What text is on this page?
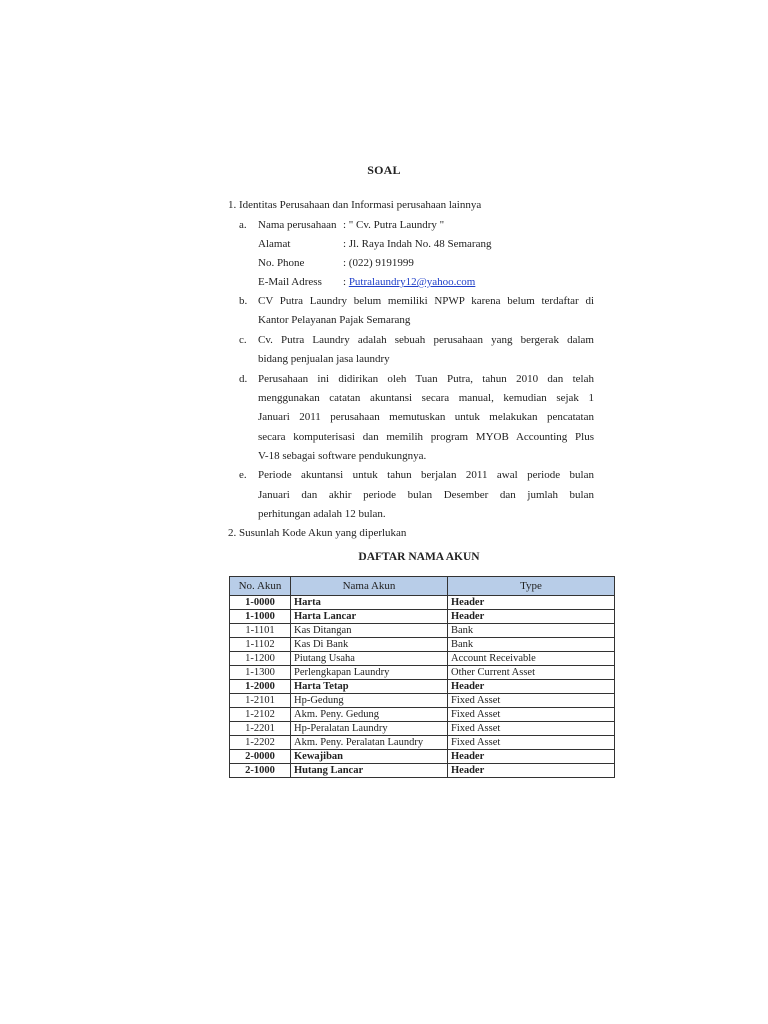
SOAL
1. Identitas Perusahaan dan Informasi perusahaan lainnya
a. Nama perusahaan : " Cv. Putra Laundry "
Alamat	: Jl. Raya Indah No. 48 Semarang
No. Phone	: (022) 9191999
E-Mail Adress : Putralaundry12@yahoo.com
b. CV Putra Laundry belum memiliki NPWP karena belum terdaftar di
Kantor Pelayanan Pajak Semarang
c. Cv. Putra Laundry adalah sebuah perusahaan yang bergerak dalam
bidang penjualan jasa laundry
d. Perusahaan ini didirikan oleh Tuan Putra, tahun 2010 dan telah
menggunakan catatan akuntansi secara manual, kemudian sejak 1
Januari 2011 perusahaan memutuskan untuk melakukan pencatatan
secara komputerisasi dan memilih program MYOB Accounting Plus
V-18 sebagai software pendukungnya.
e. Periode akuntansi untuk tahun berjalan 2011 awal periode bulan
Januari dan akhir periode bulan Desember dan jumlah bulan
perhitungan adalah 12 bulan.
2. Susunlah Kode Akun yang diperlukan
DAFTAR NAMA AKUN
No. Akun	Nama Akun	Type
1-0000	Harta	Header
1-1000	Harta Lancar	Header
1-1101	Kas Ditangan	Bank
1-1102	Kas Di Bank	Bank
1-1200	Piutang Usaha	Account Receivable
1-1300	Perlengkapan Laundry	Other Current Asset
1-2000	Harta Tetap	Header
1-2101	Hp-Gedung	Fixed Asset
1-2102	Akm. Peny. Gedung	Fixed Asset
1-2201	Hp-Peralatan Laundry	Fixed Asset
1-2202	Akm. Peny. Peralatan Laundry	Fixed Asset
2-0000	Kewajiban	Header
2-1000	Hutang Lancar	Header
